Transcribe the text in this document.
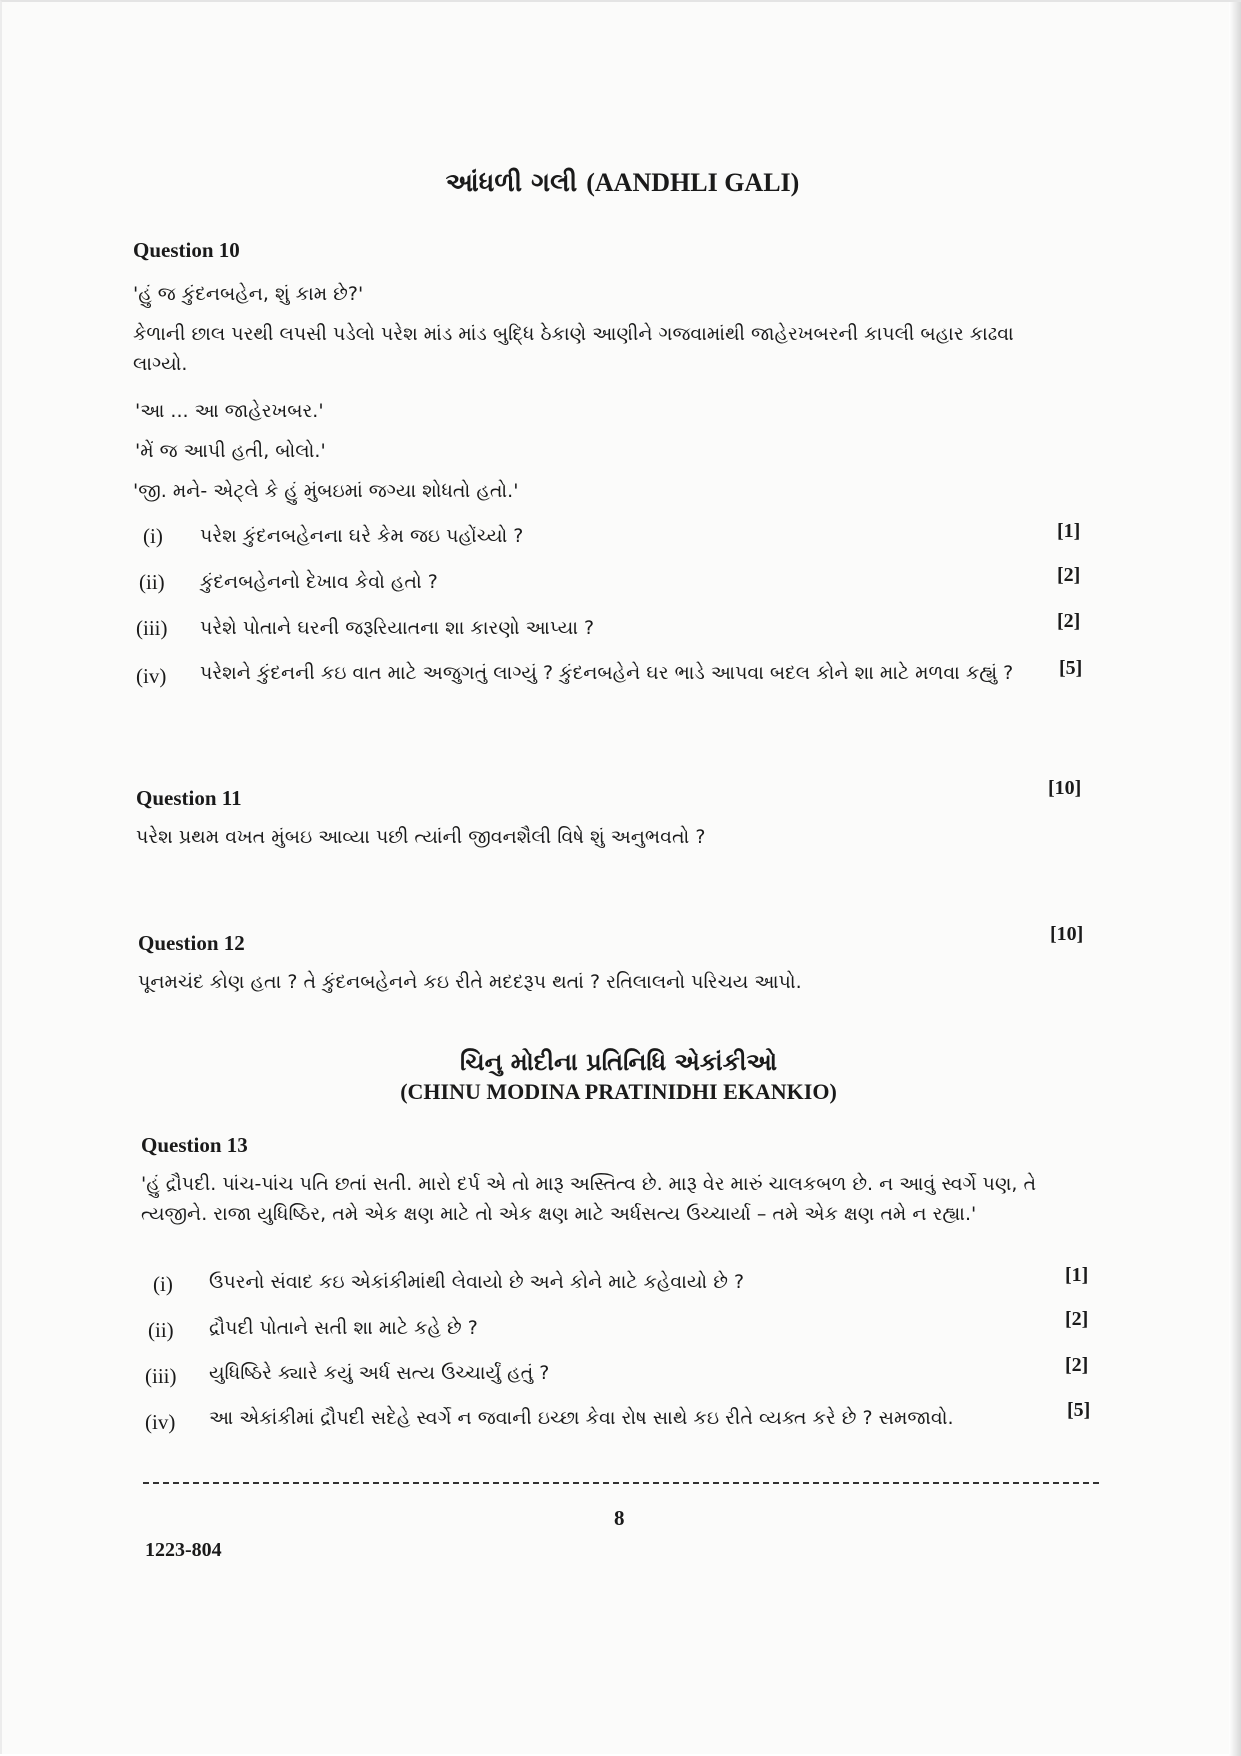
આંધળી ગલી (AANDHLI GALI)
Question 10
'હું જ કુંદનબહેન, શું કામ છે?'
કેળાની છાલ પરથી લપસી પડેલો પરેશ માંડ માંડ બુદ્ધિ ઠેકાણે આણીને ગજવામાંથી જાહેરખબરની કાપલી બહાર કાઢવા લાગ્યો.
'આ ... આ જાહેરખબર.'
'મેં જ આપી હતી, બોલો.'
'જી. મને- એટ્લે કે હું મુંબઇમાં જગ્યા શોધતો હતો.'
(i) પરેશ કુંદનબહેનના ઘરે કેમ જઇ પહોંચ્યો ?	[1]
(ii) કુંદનબહેનનો દેખાવ કેવો હતો ?	[2]
(iii) પરેશે પોતાને ઘરની જરૂરિયાતના શા કારણો આપ્યા ?	[2]
(iv) પરેશને કુંદનની કઇ વાત માટે અજુગતું લાગ્યું ? કુંદનબહેને ઘર ભાડે આપવા બદલ કોને શા માટે મળવા કહ્યું ?	[5]
Question 11	[10]
પરેશ પ્રથમ વખત મુંબઇ આવ્યા પછી ત્યાંની જીવનશૈલી વિષે શું અનુભવતો ?
Question 12	[10]
પૂનમચંદ કોણ હતા ? તે કુંદનબહેનને કઇ રીતે મદદરૂપ થતાં ? રતિલાલનો પરિચય આપો.
ચિનુ મોદીના પ્રતિનિધિ એકાંકીઓ
(CHINU MODINA PRATINIDHI EKANKIO)
Question 13
'હું દ્રૌપદી. પાંચ-પાંચ પતિ છતાં સતી. મારો દર્પ એ તો મારૂ અસ્તિત્વ છે. મારૂ વેર મારું ચાલકબળ છે. ન આવું સ્વર્ગે પણ, તે ત્યજીને. રાજા યુધિષ્ઠિર, તમે એક ક્ષણ માટે તો એક ક્ષણ માટે અર્ધસત્ય ઉચ્ચાર્યા – તમે એક ક્ષણ તમે ન રહ્યા.'
(i) ઉપરનો સંવાદ કઇ એકાંકીમાંથી લેવાયો છે અને કોને માટે કહેવાયો છે ?	[1]
(ii) દ્રૌપદી પોતાને સતી શા માટે કહે છે ?	[2]
(iii) યુધિષ્ઠિરે ક્યારે કયું અર્ધ સત્ય ઉચ્ચાર્યું હતું ?	[2]
(iv) આ એકાંકીમાં દ્રૌપદી સદેહે સ્વર્ગે ન જવાની ઇચ્છા કેવા રોષ સાથે કઇ રીતે વ્યક્ત કરે છે ? સમજાવો.	[5]
8
1223-804
